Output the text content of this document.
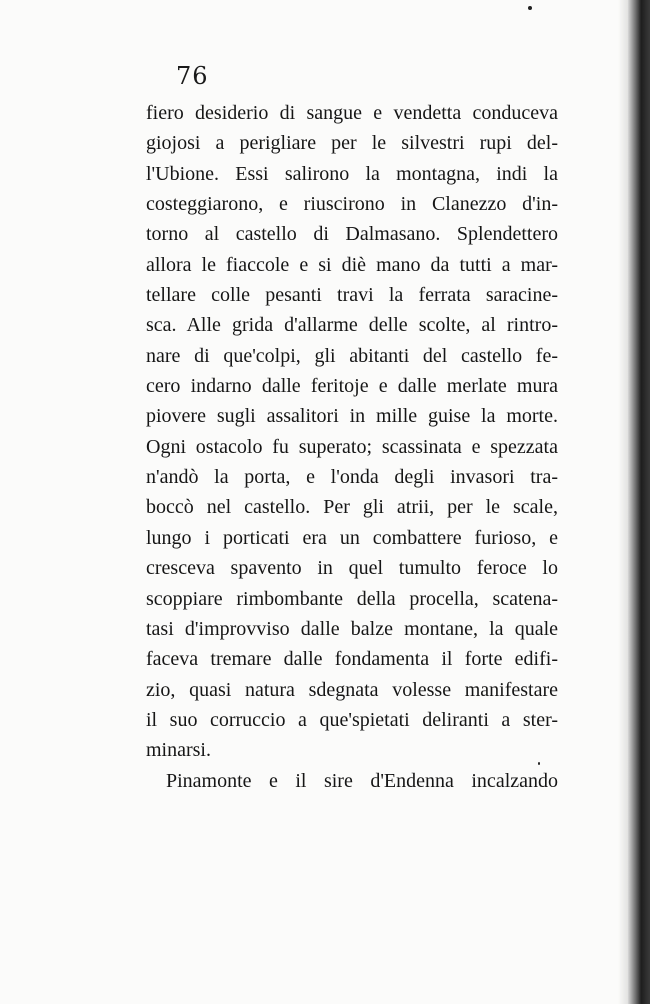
76
fiero desiderio di sangue e vendetta conduceva
giojosi a perigliare per le silvestri rupi del-
l'Ubione. Essi salirono la montagna, indi la
costeggiarono, e riuscirono in Clanezzo d'in-
torno al castello di Dalmasano. Splendettero
allora le fiaccole e si diè mano da tutti a mar-
tellare colle pesanti travi la ferrata saracine-
sca. Alle grida d'allarme delle scolte, al rintro-
nare di que'colpi, gli abitanti del castello fe-
cero indarno dalle feritoje e dalle merlate mura
piovere sugli assalitori in mille guise la morte.
Ogni ostacolo fu superato; scassinata e spezzata
n'andò la porta, e l'onda degli invasori tra-
boccò nel castello. Per gli atrii, per le scale,
lungo i porticati era un combattere furioso, e
cresceva spavento in quel tumulto feroce lo
scoppiare rimbombante della procella, scatena-
tasi d'improvviso dalle balze montane, la quale
faceva tremare dalle fondamenta il forte edifi-
zio, quasi natura sdegnata volesse manifestare
il suo corruccio a que'spietati deliranti a ster-
minarsi.
Pinamonte e il sire d'Endenna incalzando
